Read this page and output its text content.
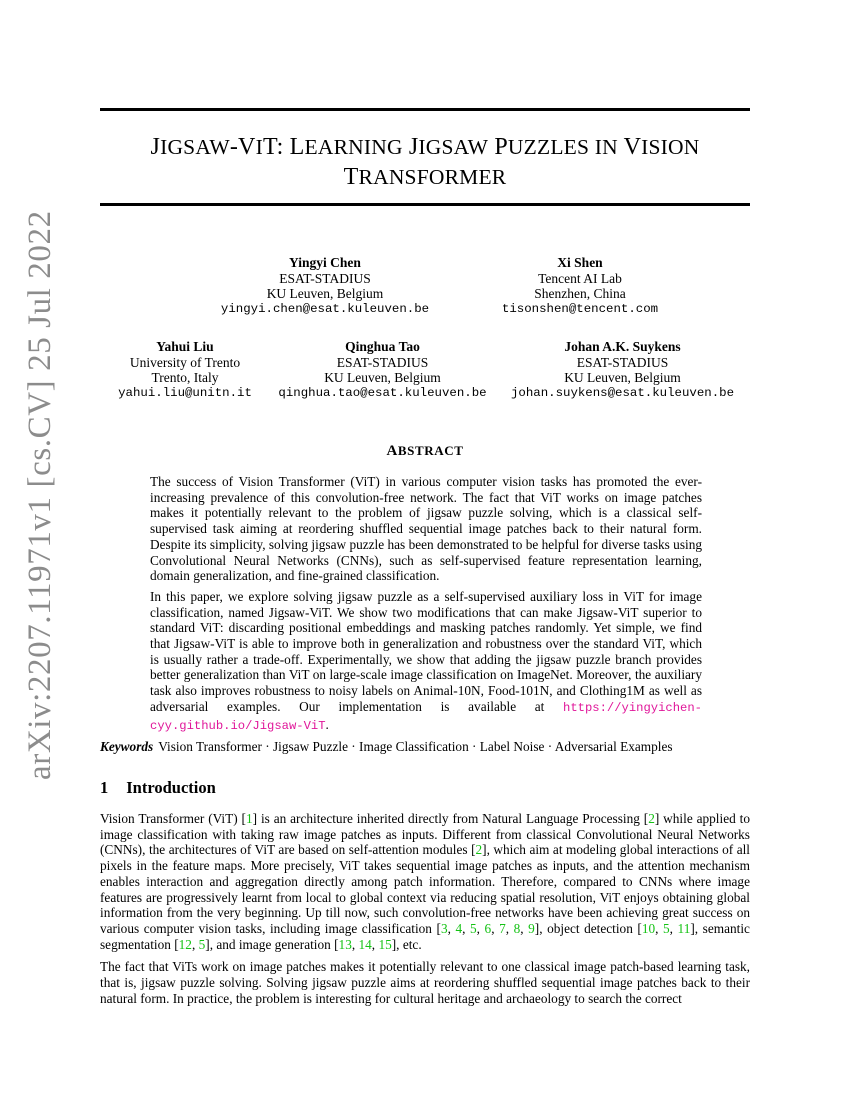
JIGSAW-VIT: LEARNING JIGSAW PUZZLES IN VISION
TRANSFORMER
arXiv:2207.11971v1 [cs.CV] 25 Jul 2022	Yingyi Chen
ESAT-STADIUS
KU Leuven, Belgium
yingyi.chen@esat.kuleuven.be
Xi Shen
Tencent AI Lab
Shenzhen, China
tisonshen@tencent.com
Yahui Liu
University of Trento
Trento, Italy
yahui.liu@unitn.it
Qinghua Tao
ESAT-STADIUS
KU Leuven, Belgium
qinghua.tao@esat.kuleuven.be
Johan A.K. Suykens
ESAT-STADIUS
KU Leuven, Belgium
johan.suykens@esat.kuleuven.be
ABSTRACT

The success of Vision Transformer (ViT) in various computer vision tasks has promoted the ever-increasing prevalence of this convolution-free network. The fact that ViT works on image patches makes it potentially relevant to the problem of jigsaw puzzle solving, which is a classical self-supervised task aiming at reordering shuffled sequential image patches back to their natural form. Despite its simplicity, solving jigsaw puzzle has been demonstrated to be helpful for diverse tasks using Convolutional Neural Networks (CNNs), such as self-supervised feature representation learning, domain generalization, and fine-grained classification.

In this paper, we explore solving jigsaw puzzle as a self-supervised auxiliary loss in ViT for image classification, named Jigsaw-ViT. We show two modifications that can make Jigsaw-ViT superior to standard ViT: discarding positional embeddings and masking patches randomly. Yet simple, we find that Jigsaw-ViT is able to improve both in generalization and robustness over the standard ViT, which is usually rather a trade-off. Experimentally, we show that adding the jigsaw puzzle branch provides better generalization than ViT on large-scale image classification on ImageNet. Moreover, the auxiliary task also improves robustness to noisy labels on Animal-10N, Food-101N, and Clothing1M as well as adversarial examples. Our implementation is available at https://yingyichen-cyy.github.io/Jigsaw-ViT.

Keywords Vision Transformer · Jigsaw Puzzle · Image Classification · Label Noise · Adversarial Examples
1 Introduction

Vision Transformer (ViT) [1] is an architecture inherited directly from Natural Language Processing [2] while applied to image classification with taking raw image patches as inputs. Different from classical Convolutional Neural Networks (CNNs), the architectures of ViT are based on self-attention modules [2], which aim at modeling global interactions of all pixels in the feature maps. More precisely, ViT takes sequential image patches as inputs, and the attention mechanism enables interaction and aggregation directly among patch information. Therefore, compared to CNNs where image features are progressively learnt from local to global context via reducing spatial resolution, ViT enjoys obtaining global information from the very beginning. Up till now, such convolution-free networks have been achieving great success on various computer vision tasks, including image classification [3, 4, 5, 6, 7, 8, 9], object detection [10, 5, 11], semantic segmentation [12, 5], and image generation [13, 14, 15], etc.

The fact that ViTs work on image patches makes it potentially relevant to one classical image patch-based learning task, that is, jigsaw puzzle solving. Solving jigsaw puzzle aims at reordering shuffled sequential image patches back to their natural form. In practice, the problem is interesting for cultural heritage and archaeology to search the correct
